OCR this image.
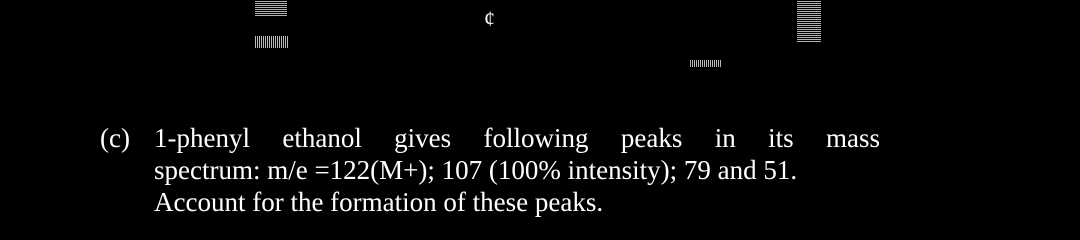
¢
(c) 1-phenyl ethanol gives following peaks in its mass
spectrum: m/e =122(M+); 107 (100% intensity); 79 and 51.
Account for the formation of these peaks.
